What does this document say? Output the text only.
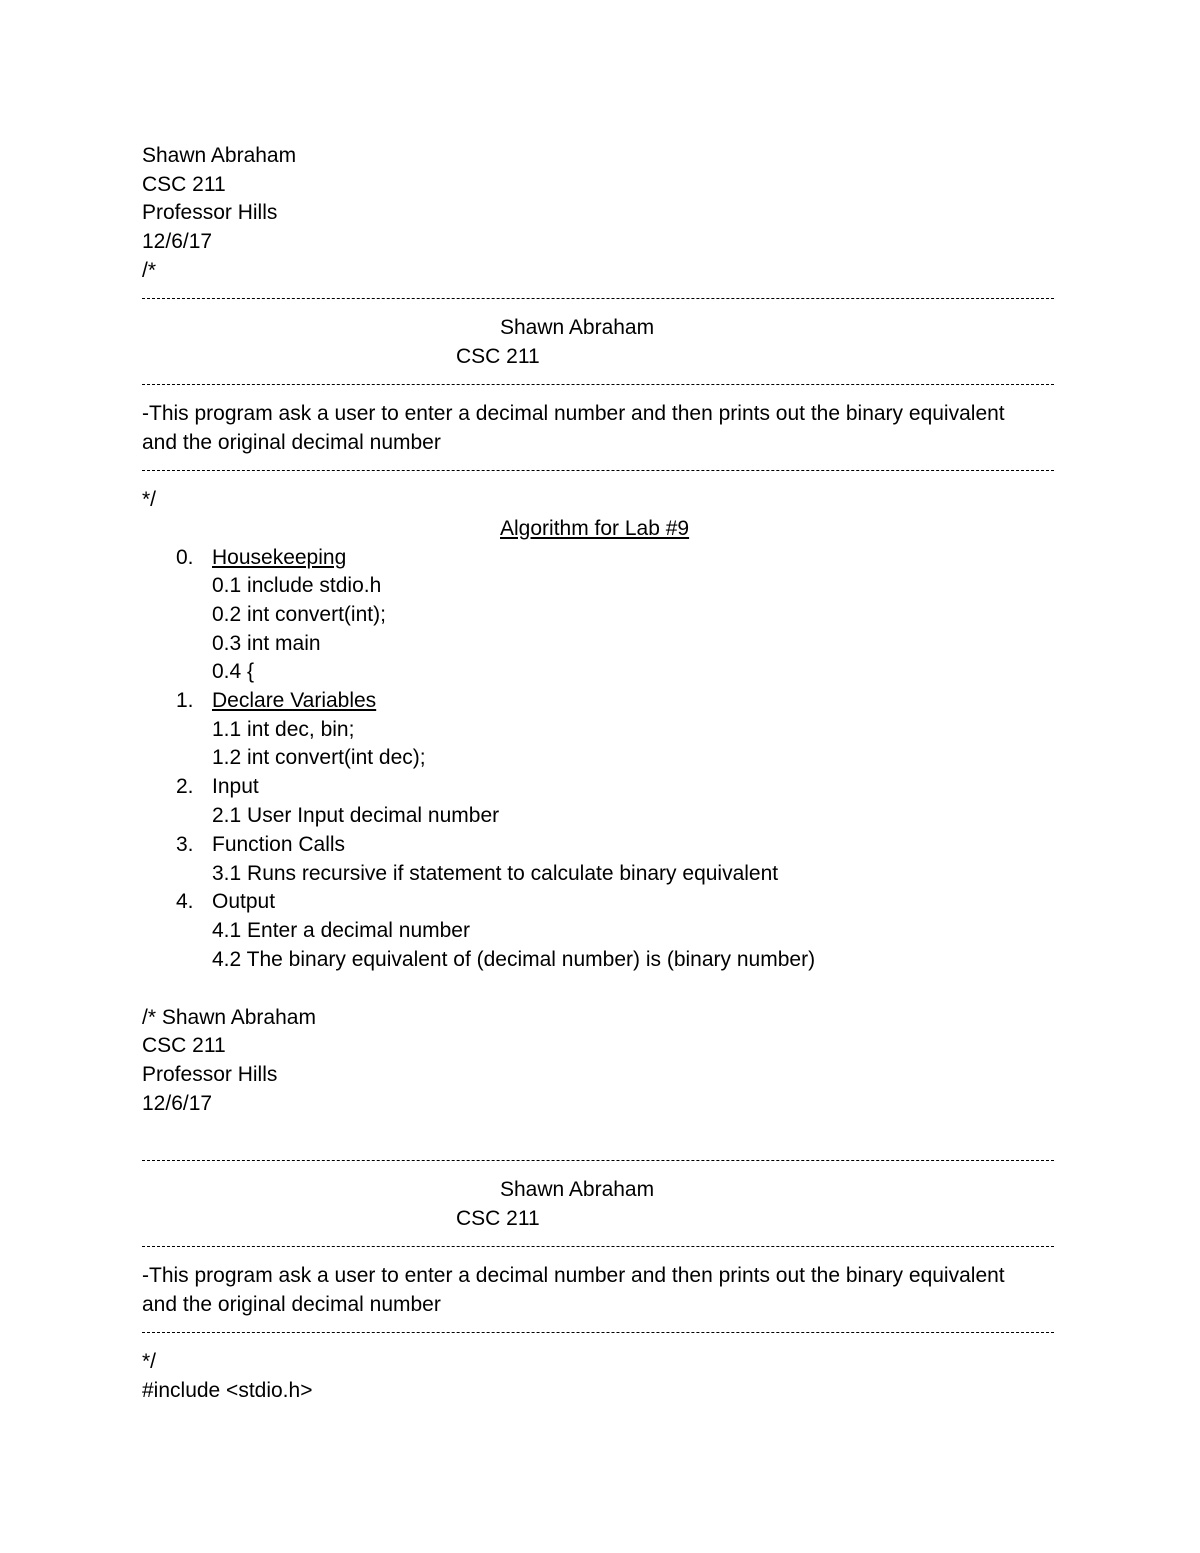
Shawn Abraham
CSC 211
Professor Hills
12/6/17
/*
Shawn Abraham
CSC 211
-This program ask a user to enter a decimal number and then prints out the binary equivalent
and the original decimal number
*/
Algorithm for Lab #9
0. Housekeeping
0.1 include stdio.h
0.2 int convert(int);
0.3 int main
0.4 {
1. Declare Variables
1.1 int dec, bin;
1.2 int convert(int dec);
2. Input
2.1 User Input decimal number
3. Function Calls
3.1 Runs recursive if statement to calculate binary equivalent
4. Output
4.1 Enter a decimal number
4.2 The binary equivalent of (decimal number) is (binary number)
/* Shawn Abraham
CSC 211
Professor Hills
12/6/17
Shawn Abraham
CSC 211
-This program ask a user to enter a decimal number and then prints out the binary equivalent
and the original decimal number
*/
#include <stdio.h>
